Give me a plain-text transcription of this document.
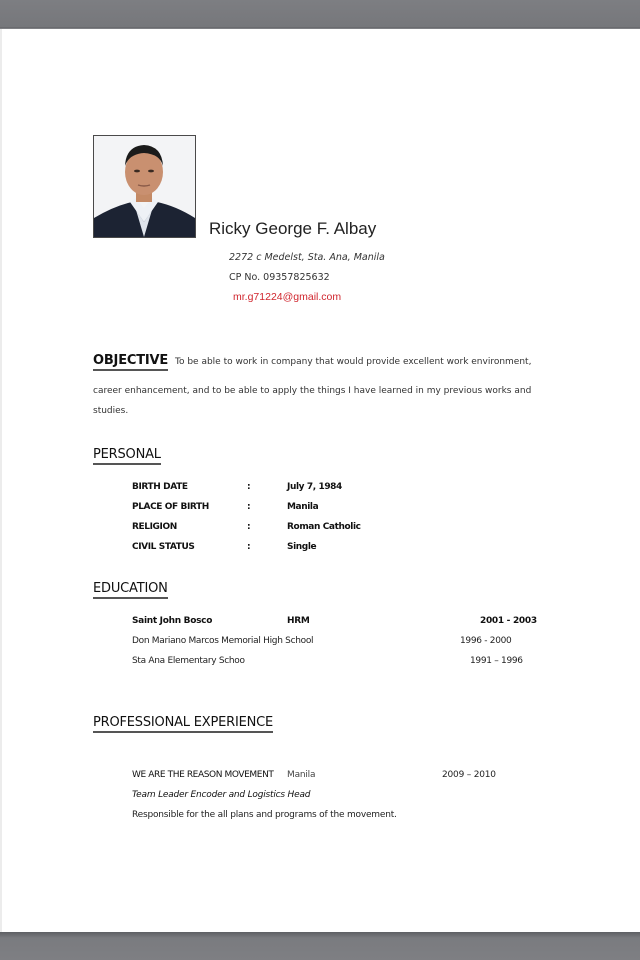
Ricky George F. Albay
2272 c Medelst, Sta. Ana, Manila
CP No. 09357825632
mr.g71224@gmail.com
OBJECTIVE To be able to work in company that would provide excellent work environment,
career enhancement, and to be able to apply the things I have learned in my previous works and
studies.
PERSONAL
BIRTH DATE	:	July 7, 1984
PLACE OF BIRTH	:	Manila
RELIGION	:	Roman Catholic
CIVIL STATUS	:	Single
EDUCATION
Saint John Bosco	HRM	2001 - 2003
Don Mariano Marcos Memorial High School	1996 - 2000
Sta Ana Elementary Schoo	1991 – 1996
PROFESSIONAL EXPERIENCE
WE ARE THE REASON MOVEMENT Manila	2009 – 2010
Team Leader Encoder and Logistics Head
Responsible for the all plans and programs of the movement.
